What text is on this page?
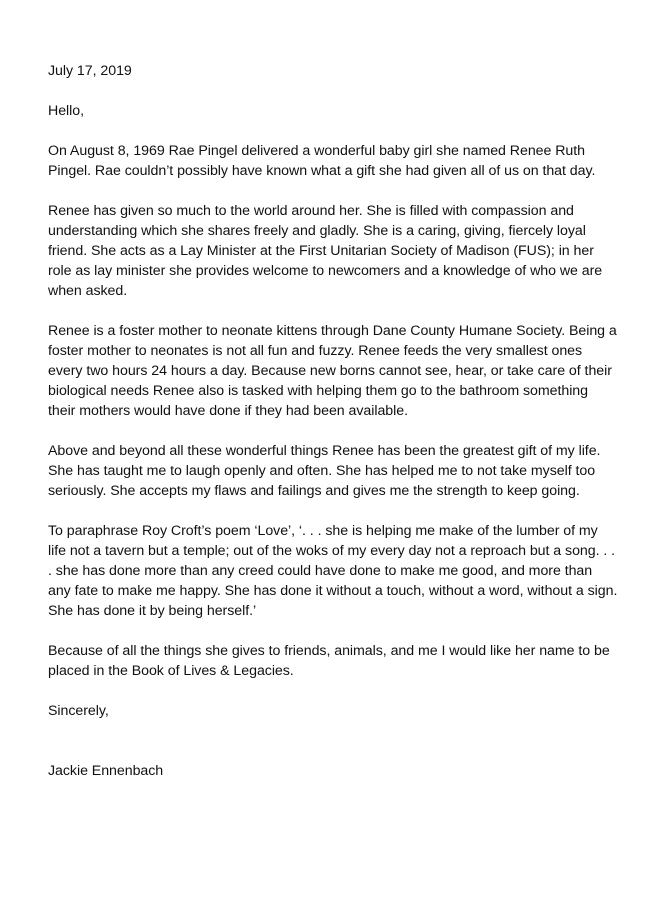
July 17, 2019

Hello,

On August 8, 1969 Rae Pingel delivered a wonderful baby girl she named Renee Ruth Pingel. Rae couldn’t possibly have known what a gift she had given all of us on that day.

Renee has given so much to the world around her. She is filled with compassion and understanding which she shares freely and gladly. She is a caring, giving, fiercely loyal friend. She acts as a Lay Minister at the First Unitarian Society of Madison (FUS); in her role as lay minister she provides welcome to newcomers and a knowledge of who we are when asked.

Renee is a foster mother to neonate kittens through Dane County Humane Society. Being a foster mother to neonates is not all fun and fuzzy. Renee feeds the very smallest ones every two hours 24 hours a day. Because new borns cannot see, hear, or take care of their biological needs Renee also is tasked with helping them go to the bathroom something their mothers would have done if they had been available.

Above and beyond all these wonderful things Renee has been the greatest gift of my life. She has taught me to laugh openly and often. She has helped me to not take myself too seriously. She accepts my flaws and failings and gives me the strength to keep going.

To paraphrase Roy Croft’s poem ‘Love’, ‘. . . she is helping me make of the lumber of my life not a tavern but a temple; out of the woks of my every day not a reproach but a song. . . . she has done more than any creed could have done to make me good, and more than any fate to make me happy. She has done it without a touch, without a word, without a sign. She has done it by being herself.’

Because of all the things she gives to friends, animals, and me I would like her name to be placed in the Book of Lives & Legacies.

Sincerely,

Jackie Ennenbach
